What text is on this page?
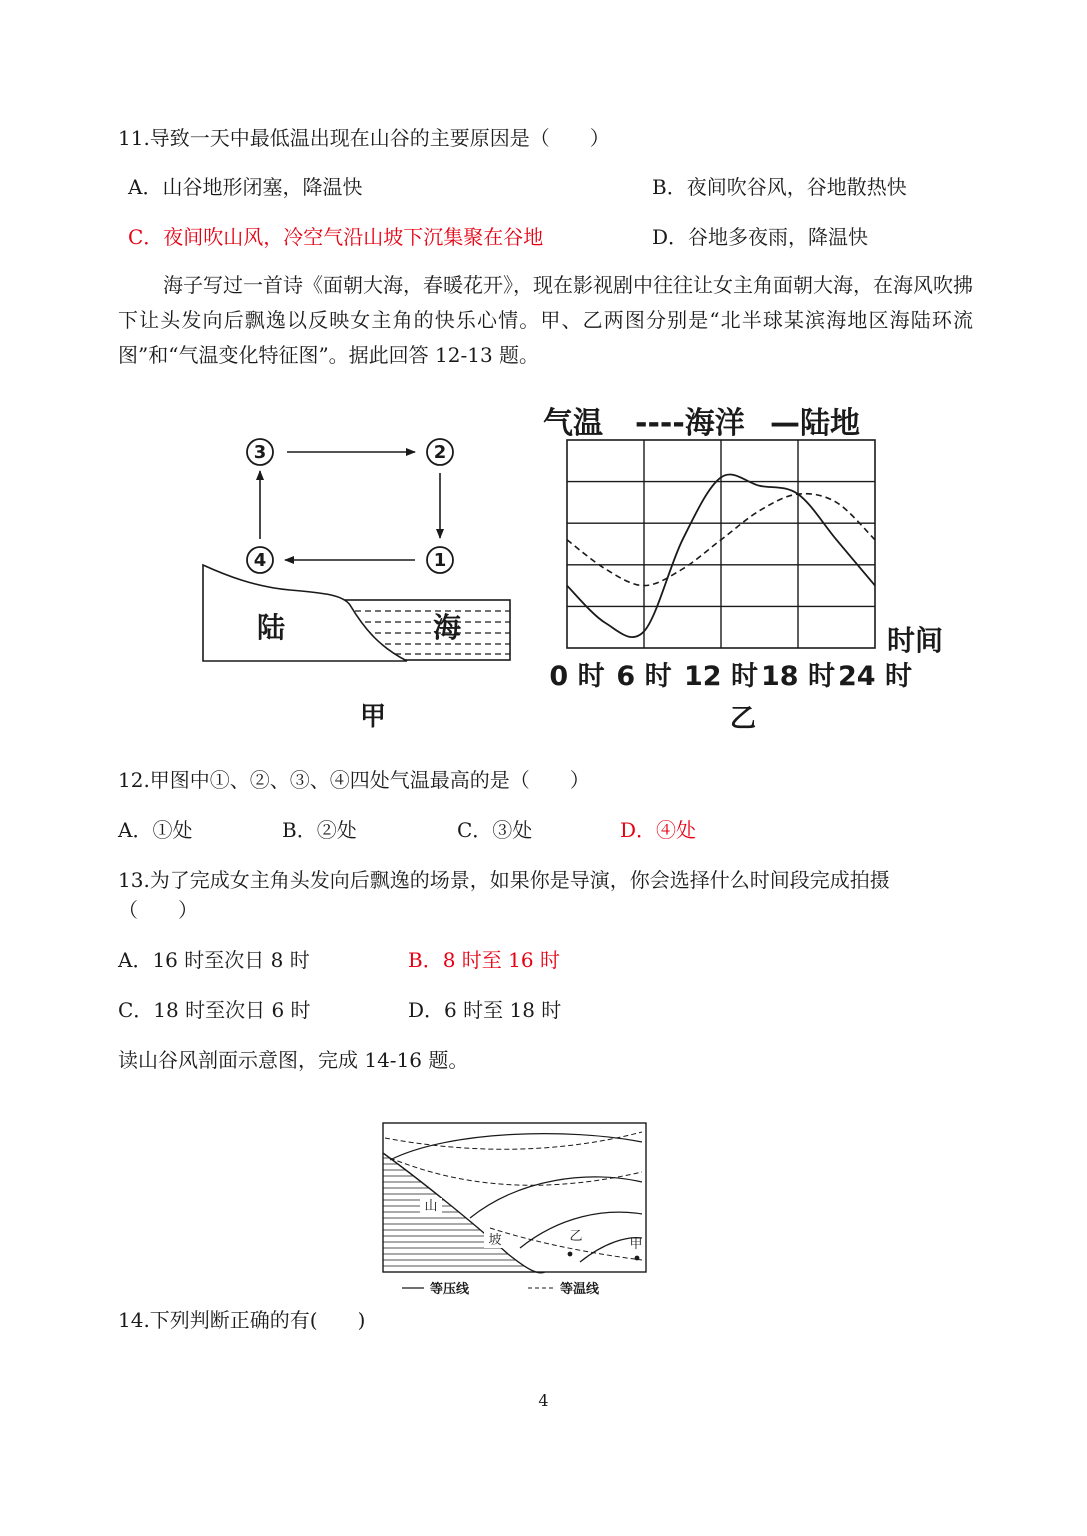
11.导致一天中最低温出现在山谷的主要原因是（　　）
A．山谷地形闭塞，降温快	B．夜间吹谷风，谷地散热快
C．夜间吹山风，冷空气沿山坡下沉集聚在谷地	D．谷地多夜雨，降温快
海子写过一首诗《面朝大海，春暖花开》，现在影视剧中往往让女主角面朝大海，在海风吹拂下让头发向后飘逸以反映女主角的快乐心情。甲、乙两图分别是“北半球某滨海地区海陆环流图”和“气温变化特征图”。据此回答 12-13 题。
3	2
4	1
陆	海
甲
气温 ----海洋 —陆地
时间
0 时 6 时 12 时 18 时 24 时
乙
12.甲图中①、②、③、④四处气温最高的是（　　）
A．①处	B．②处	C．③处	D．④处
13.为了完成女主角头发向后飘逸的场景，如果你是导演，你会选择什么时间段完成拍摄
（　　）
A．16 时至次日 8 时	B．8 时至 16 时
C．18 时至次日 6 时	D．6 时至 18 时
读山谷风剖面示意图，完成 14-16 题。
山
坡	乙
甲
等压线	等温线
14.下列判断正确的有(　　)
4
